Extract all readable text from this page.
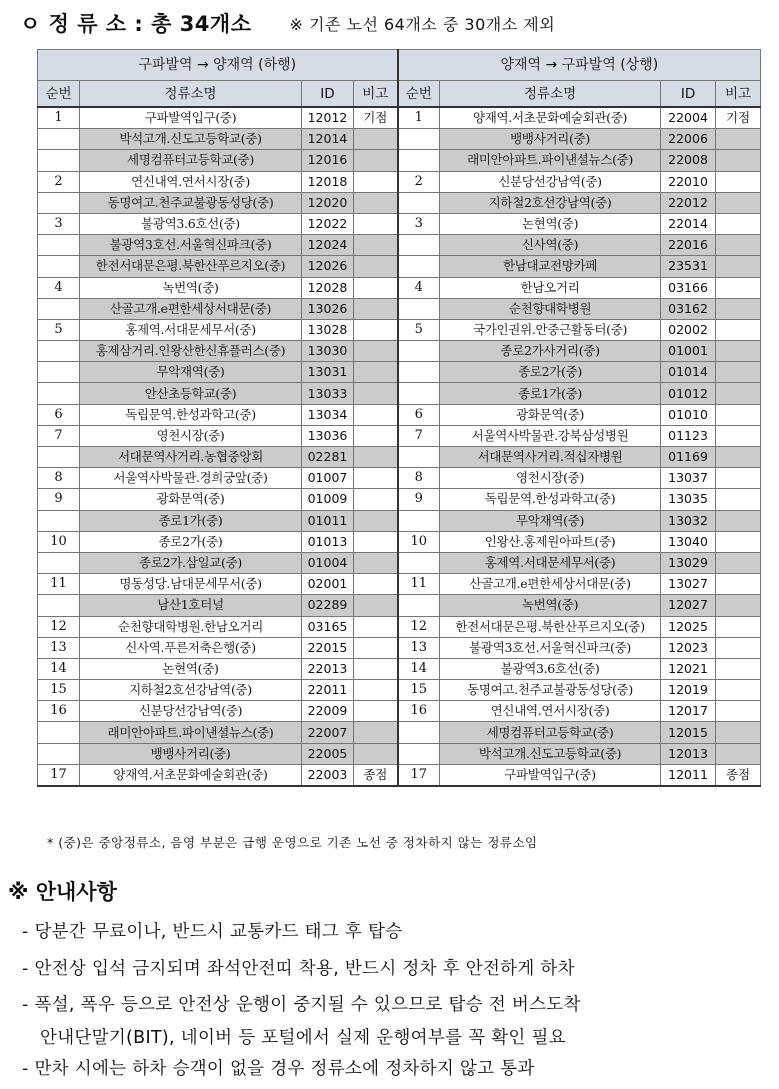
ㅇ 정 류 소 : 총 34개소 ※ 기존 노선 64개소 중 30개소 제외
구파발역 → 양재역 (하행)				양재역 → 구파발역 (상행)			
순번	정류소명	ID	비고	순번	정류소명	ID	비고
1	구파발역입구(중)	12012	기점	1	양재역.서초문화예술회관(중)	22004	기점
	박석고개.신도고등학교(중)	12014			뱅뱅사거리(중)	22006	
	세명컴퓨터고등학교(중)	12016			래미안아파트.파이낸셜뉴스(중)	22008	
2	연신내역.연서시장(중)	12018		2	신분당선강남역(중)	22010	
	동명여고.천주교불광동성당(중)	12020			지하철2호선강남역(중)	22012	
3	불광역3.6호선(중)	12022		3	논현역(중)	22014	
	불광역3호선.서울혁신파크(중)	12024			신사역(중)	22016	
	한전서대문은평.북한산푸르지오(중)	12026			한남대교전망카페	23531	
4	녹번역(중)	12028		4	한남오거리	03166	
	산골고개.e편한세상서대문(중)	13026			순천향대학병원	03162	
5	홍제역.서대문세무서(중)	13028		5	국가인권위.안중근활동터(중)	02002	
	홍제삼거리.인왕산한신휴플러스(중)	13030			종로2가사거리(중)	01001	
	무악재역(중)	13031			종로2가(중)	01014	
	안산초등학교(중)	13033			종로1가(중)	01012	
6	독립문역.한성과학고(중)	13034		6	광화문역(중)	01010	
7	영천시장(중)	13036		7	서울역사박물관.강북삼성병원	01123	
	서대문역사거리.농협중앙회	02281			서대문역사거리.적십자병원	01169	
8	서울역사박물관.경희궁앞(중)	01007		8	영천시장(중)	13037	
9	광화문역(중)	01009		9	독립문역.한성과학고(중)	13035	
	종로1가(중)	01011			무악재역(중)	13032	
10	종로2가(중)	01013		10	인왕산.홍제원아파트(중)	13040	
	종로2가.삼일교(중)	01004			홍제역.서대문세무서(중)	13029	
11	명동성당.남대문세무서(중)	02001		11	산골고개.e편한세상서대문(중)	13027	
	남산1호터널	02289			녹번역(중)	12027	
12	순천향대학병원.한남오거리	03165		12	한전서대문은평.북한산푸르지오(중)	12025	
13	신사역.푸른저축은행(중)	22015		13	불광역3호선.서울혁신파크(중)	12023	
14	논현역(중)	22013		14	불광역3.6호선(중)	12021	
15	지하철2호선강남역(중)	22011		15	동명여고.천주교불광동성당(중)	12019	
16	신분당선강남역(중)	22009		16	연신내역.연서시장(중)	12017	
	래미안아파트.파이낸셜뉴스(중)	22007			세명컴퓨터고등학교(중)	12015	
	뱅뱅사거리(중)	22005			박석고개.신도고등학교(중)	12013	
17	양재역.서초문화예술회관(중)	22003	종점	17	구파발역입구(중)	12011	종점
* (중)은 중앙정류소, 음영 부분은 급행 운영으로 기존 노선 중 정차하지 않는 정류소임
※ 안내사항
- 당분간 무료이나, 반드시 교통카드 태그 후 탑승
- 안전상 입석 금지되며 좌석안전띠 착용, 반드시 정차 후 안전하게 하차
- 폭설, 폭우 등으로 안전상 운행이 중지될 수 있으므로 탑승 전 버스도착
안내단말기(BIT), 네이버 등 포털에서 실제 운행여부를 꼭 확인 필요
- 만차 시에는 하차 승객이 없을 경우 정류소에 정차하지 않고 통과
